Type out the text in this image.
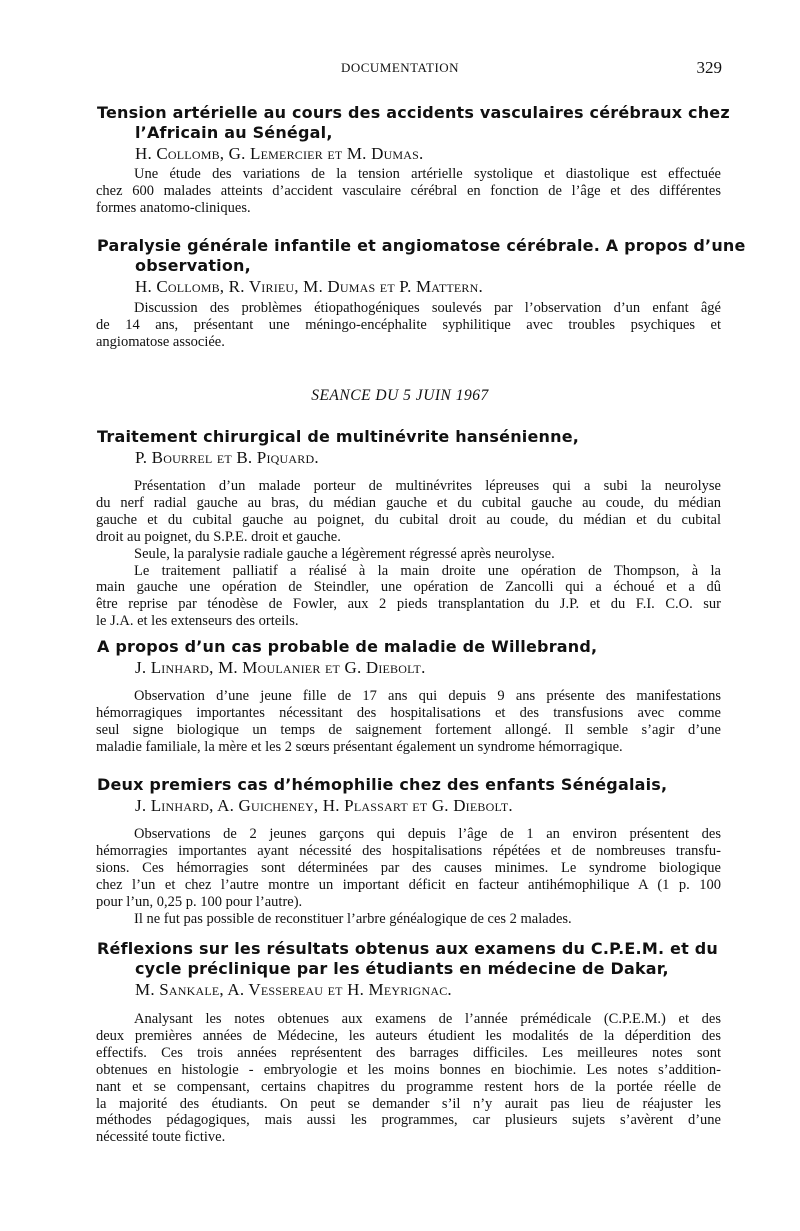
DOCUMENTATION	329
Tension artérielle au cours des accidents vasculaires cérébraux chez
l’Africain au Sénégal,
H. Collomb, G. Lemercier et M. Dumas.
Une étude des variations de la tension artérielle systolique et diastolique est effectuée
chez 600 malades atteints d’accident vasculaire cérébral en fonction de l’âge et des différentes
formes anatomo-cliniques.
Paralysie générale infantile et angiomatose cérébrale. A propos d’une
observation,
H. Collomb, R. Virieu, M. Dumas et P. Mattern.
Discussion des problèmes étiopathogéniques soulevés par l’observation d’un enfant âgé
de 14 ans, présentant une méningo-encéphalite syphilitique avec troubles psychiques et
angiomatose associée.
SEANCE DU 5 JUIN 1967
Traitement chirurgical de multinévrite hansénienne,
P. Bourrel et B. Piquard.
Présentation d’un malade porteur de multinévrites lépreuses qui a subi la neurolyse
du nerf radial gauche au bras, du médian gauche et du cubital gauche au coude, du médian
gauche et du cubital gauche au poignet, du cubital droit au coude, du médian et du cubital
droit au poignet, du S.P.E. droit et gauche.
Seule, la paralysie radiale gauche a légèrement régressé après neurolyse.
Le traitement palliatif a réalisé à la main droite une opération de Thompson, à la
main gauche une opération de Steindler, une opération de Zancolli qui a échoué et a dû
être reprise par ténodèse de Fowler, aux 2 pieds transplantation du J.P. et du F.I. C.O. sur
le J.A. et les extenseurs des orteils.
A propos d’un cas probable de maladie de Willebrand,
J. Linhard, M. Moulanier et G. Diebolt.
Observation d’une jeune fille de 17 ans qui depuis 9 ans présente des manifestations
hémorragiques importantes nécessitant des hospitalisations et des transfusions avec comme
seul signe biologique un temps de saignement fortement allongé. Il semble s’agir d’une
maladie familiale, la mère et les 2 sœurs présentant également un syndrome hémorragique.
Deux premiers cas d’hémophilie chez des enfants Sénégalais,
J. Linhard, A. Guicheney, H. Plassart et G. Diebolt.
Observations de 2 jeunes garçons qui depuis l’âge de 1 an environ présentent des
hémorragies importantes ayant nécessité des hospitalisations répétées et de nombreuses transfu-
sions. Ces hémorragies sont déterminées par des causes minimes. Le syndrome biologique
chez l’un et chez l’autre montre un important déficit en facteur antihémophilique A (1 p. 100
pour l’un, 0,25 p. 100 pour l’autre).
Il ne fut pas possible de reconstituer l’arbre généalogique de ces 2 malades.
Réflexions sur les résultats obtenus aux examens du C.P.E.M. et du
cycle préclinique par les étudiants en médecine de Dakar,
M. Sankale, A. Vessereau et H. Meyrignac.
Analysant les notes obtenues aux examens de l’année prémédicale (C.P.E.M.) et des
deux premières années de Médecine, les auteurs étudient les modalités de la déperdition des
effectifs. Ces trois années représentent des barrages difficiles. Les meilleures notes sont
obtenues en histologie - embryologie et les moins bonnes en biochimie. Les notes s’addition-
nant et se compensant, certains chapitres du programme restent hors de la portée réelle de
la majorité des étudiants. On peut se demander s’il n’y aurait pas lieu de réajuster les
méthodes pédagogiques, mais aussi les programmes, car plusieurs sujets s’avèrent d’une
nécessité toute fictive.
